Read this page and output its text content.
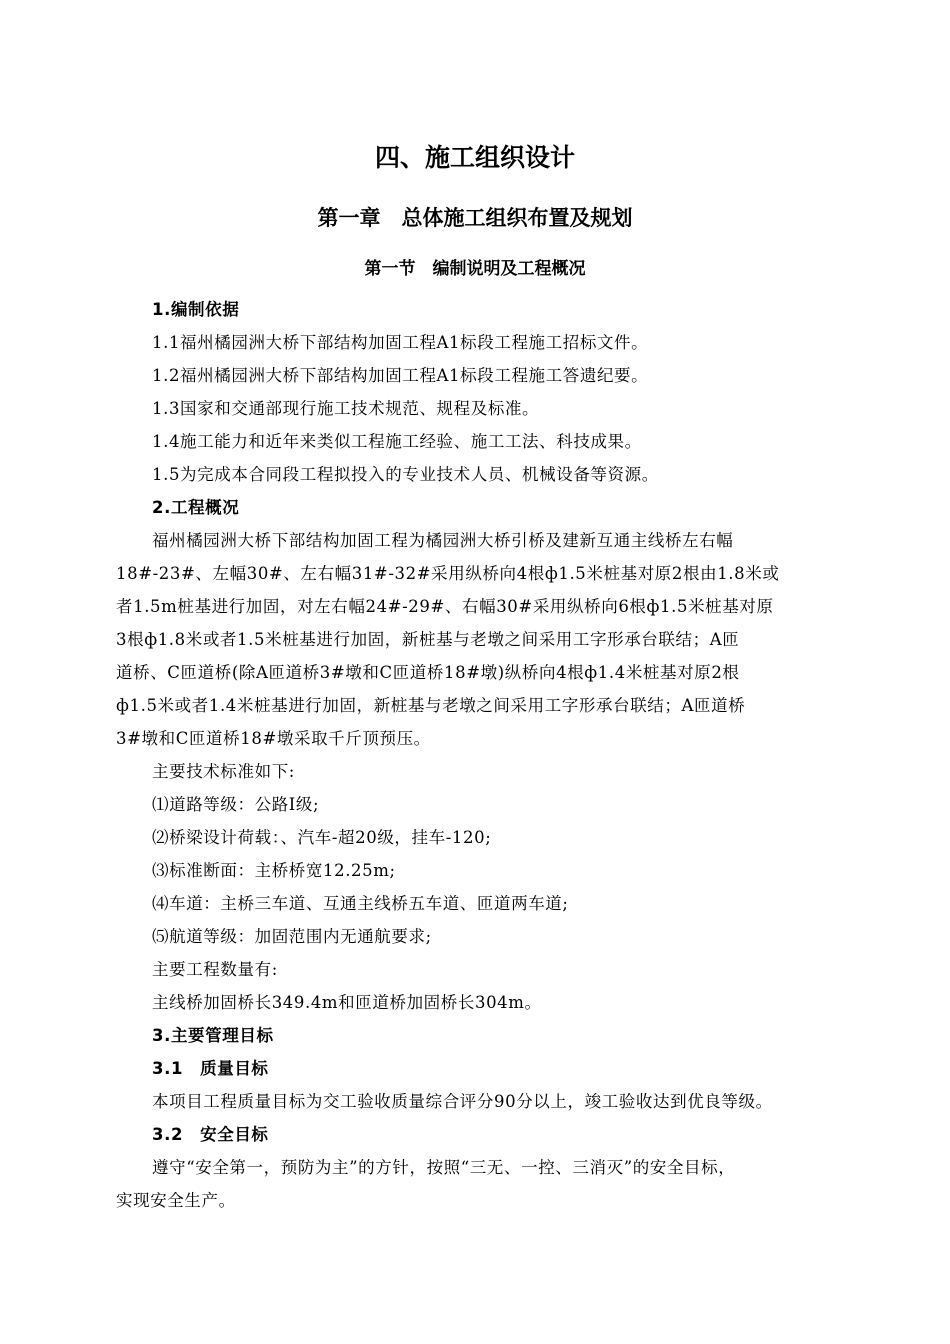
四、施工组织设计
第一章　总体施工组织布置及规划
第一节　编制说明及工程概况
1.编制依据
1.1福州橘园洲大桥下部结构加固工程A1标段工程施工招标文件。
1.2福州橘园洲大桥下部结构加固工程A1标段工程施工答遗纪要。
1.3国家和交通部现行施工技术规范、规程及标准。
1.4施工能力和近年来类似工程施工经验、施工工法、科技成果。
1.5为完成本合同段工程拟投入的专业技术人员、机械设备等资源。
2.工程概况
福州橘园洲大桥下部结构加固工程为橘园洲大桥引桥及建新互通主线桥左右幅
18#-23#、左幅30#、左右幅31#-32#采用纵桥向4根ф1.5米桩基对原2根由1.8米或
者1.5m桩基进行加固，对左右幅24#-29#、右幅30#采用纵桥向6根ф1.5米桩基对原
3根ф1.8米或者1.5米桩基进行加固，新桩基与老墩之间采用工字形承台联结；A匝
道桥、C匝道桥(除A匝道桥3#墩和C匝道桥18#墩)纵桥向4根ф1.4米桩基对原2根
ф1.5米或者1.4米桩基进行加固，新桩基与老墩之间采用工字形承台联结；A匝道桥
3#墩和C匝道桥18#墩采取千斤顶预压。
主要技术标准如下:
⑴道路等级：公路Ⅰ级;
⑵桥梁设计荷载：、汽车-超20级，挂车-120;
⑶标准断面：主桥桥宽12.25m;
⑷车道：主桥三车道、互通主线桥五车道、匝道两车道;
⑸航道等级：加固范围内无通航要求;
主要工程数量有:
主线桥加固桥长349.4m和匝道桥加固桥长304m。
3.主要管理目标
3.1　质量目标
本项目工程质量目标为交工验收质量综合评分90分以上，竣工验收达到优良等级。
3.2　安全目标
遵守“安全第一，预防为主”的方针，按照“三无、一控、三消灭”的安全目标，
实现安全生产。
